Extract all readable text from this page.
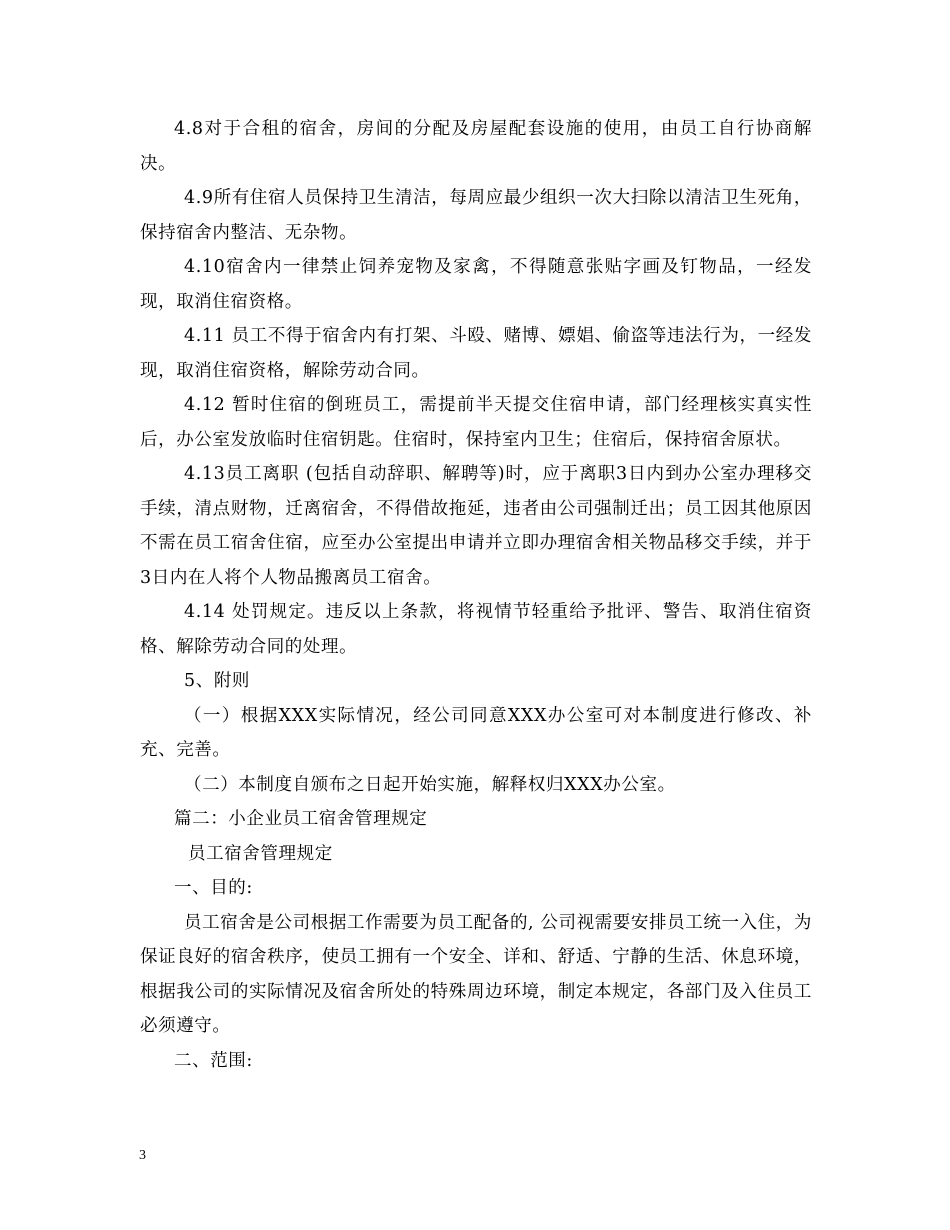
4.8对于合租的宿舍，房间的分配及房屋配套设施的使用，由员工自行协商解决。

4.9所有住宿人员保持卫生清洁，每周应最少组织一次大扫除以清洁卫生死角，保持宿舍内整洁、无杂物。

4.10宿舍内一律禁止饲养宠物及家禽，不得随意张贴字画及钉物品，一经发现，取消住宿资格。

4.11 员工不得于宿舍内有打架、斗殴、赌博、嫖娼、偷盗等违法行为，一经发现，取消住宿资格，解除劳动合同。

4.12 暂时住宿的倒班员工，需提前半天提交住宿申请，部门经理核实真实性后，办公室发放临时住宿钥匙。住宿时，保持室内卫生；住宿后，保持宿舍原状。

4.13员工离职 (包括自动辞职、解聘等)时，应于离职3日内到办公室办理移交手续，清点财物，迁离宿舍，不得借故拖延，违者由公司强制迁出；员工因其他原因不需在员工宿舍住宿，应至办公室提出申请并立即办理宿舍相关物品移交手续，并于3日内在人将个人物品搬离员工宿舍。

4.14 处罚规定。违反以上条款，将视情节轻重给予批评、警告、取消住宿资格、解除劳动合同的处理。

5、附则

（一）根据XXX实际情况，经公司同意XXX办公室可对本制度进行修改、补充、完善。

（二）本制度自颁布之日起开始实施，解释权归XXX办公室。

篇二：小企业员工宿舍管理规定

员工宿舍管理规定

一、目的:

员工宿舍是公司根据工作需要为员工配备的, 公司视需要安排员工统一入住，为保证良好的宿舍秩序，使员工拥有一个安全、详和、舒适、宁静的生活、休息环境，根据我公司的实际情况及宿舍所处的特殊周边环境，制定本规定，各部门及入住员工必须遵守。

二、范围:

3
